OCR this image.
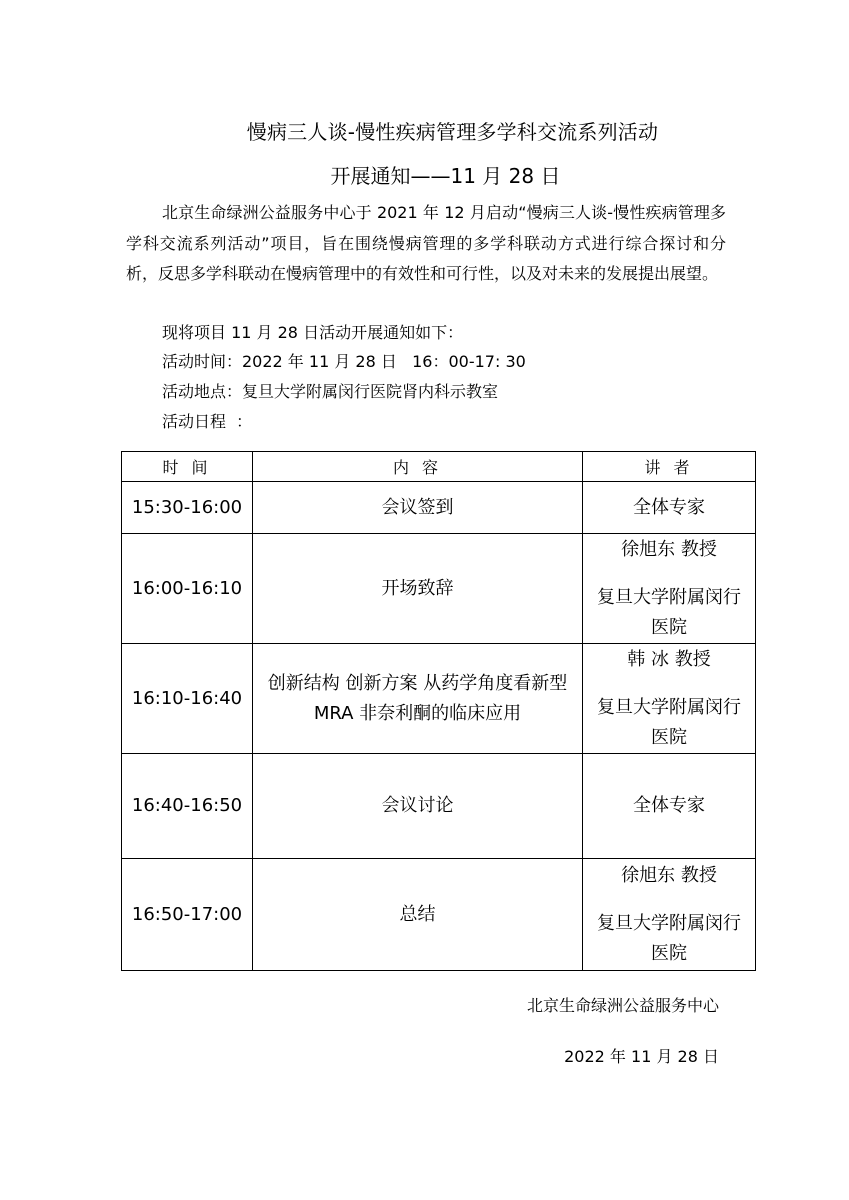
慢病三人谈-慢性疾病管理多学科交流系列活动
开展通知——11 月 28 日
北京生命绿洲公益服务中心于 2021 年 12 月启动“慢病三人谈-慢性疾病管理多学科交流系列活动”项目，旨在围绕慢病管理的多学科联动方式进行综合探讨和分析，反思多学科联动在慢病管理中的有效性和可行性，以及对未来的发展提出展望。
现将项目 11 月 28 日活动开展通知如下：
活动时间：2022 年 11 月 28 日   16：00-17: 30
活动地点：复旦大学附属闵行医院肾内科示教室
活动日程  ：
时 间	内 容	讲 者
15:30-16:00	会议签到	全体专家

16:00-16:10	开场致辞	徐旭东 教授
复旦大学附属闵行医院

16:10-16:40	创新结构 创新方案 从药学角度看新型 MRA 非奈利酮的临床应用	韩 冰 教授
复旦大学附属闵行医院

16:40-16:50	会议讨论	全体专家

16:50-17:00	总结	徐旭东 教授
复旦大学附属闵行医院
北京生命绿洲公益服务中心
2022 年 11 月 28 日
